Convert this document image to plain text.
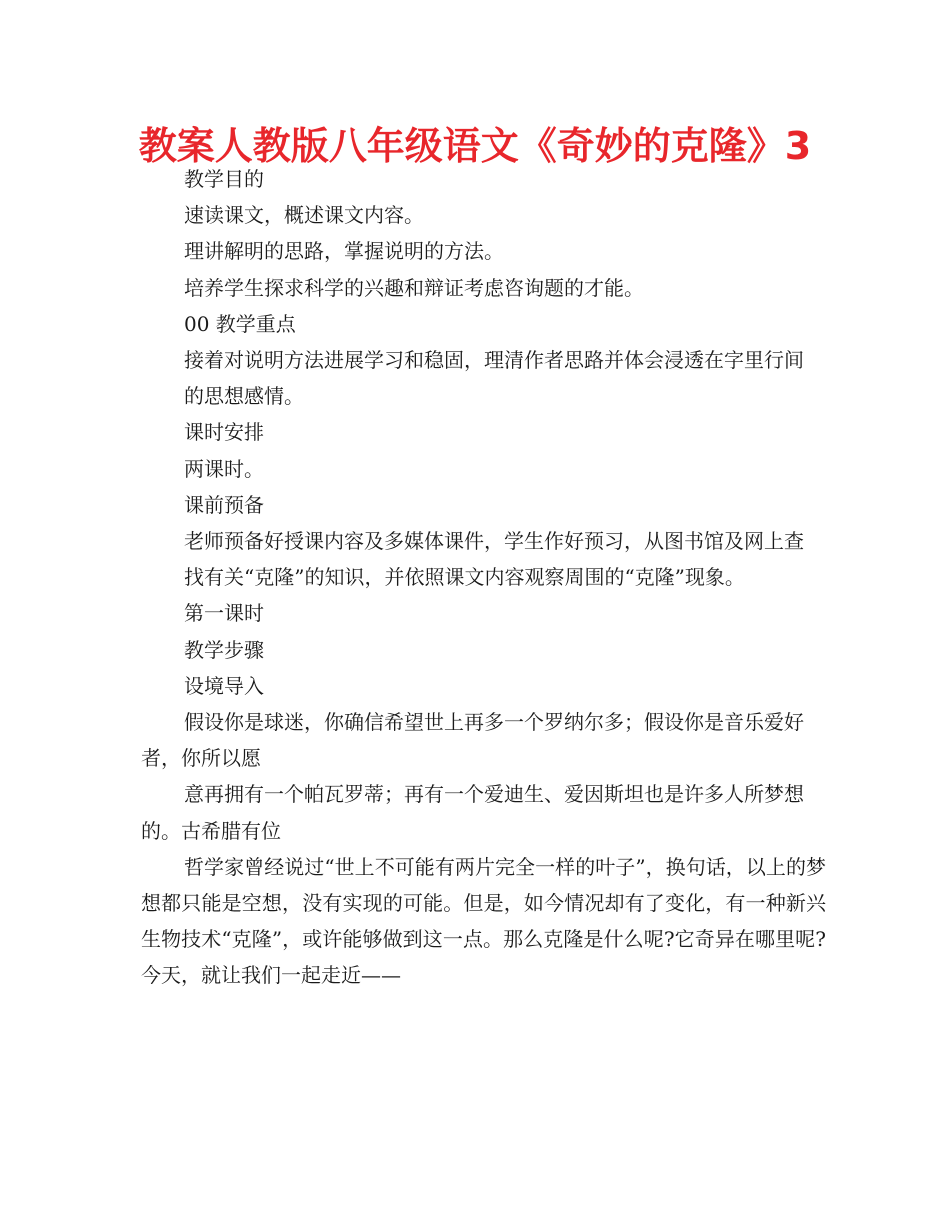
教案人教版八年级语文《奇妙的克隆》3

教学目的

速读课文，概述课文内容。

理讲解明的思路，掌握说明的方法。

培养学生探求科学的兴趣和辩证考虑咨询题的才能。

00 教学重点

接着对说明方法进展学习和稳固，理清作者思路并体会浸透在字里行间

的思想感情。

课时安排

两课时。

课前预备

老师预备好授课内容及多媒体课件，学生作好预习，从图书馆及网上查

找有关“克隆”的知识，并依照课文内容观察周围的“克隆”现象。

第一课时

教学步骤

设境导入

假设你是球迷，你确信希望世上再多一个罗纳尔多；假设你是音乐爱好者，你所以愿

意再拥有一个帕瓦罗蒂；再有一个爱迪生、爱因斯坦也是许多人所梦想的。古希腊有位

哲学家曾经说过“世上不可能有两片完全一样的叶子”，换句话，以上的梦想都只能是空想，没有实现的可能。但是，如今情况却有了变化，有一种新兴生物技术“克隆”，或许能够做到这一点。那么克隆是什么呢?它奇异在哪里呢?今天，就让我们一起走近——
